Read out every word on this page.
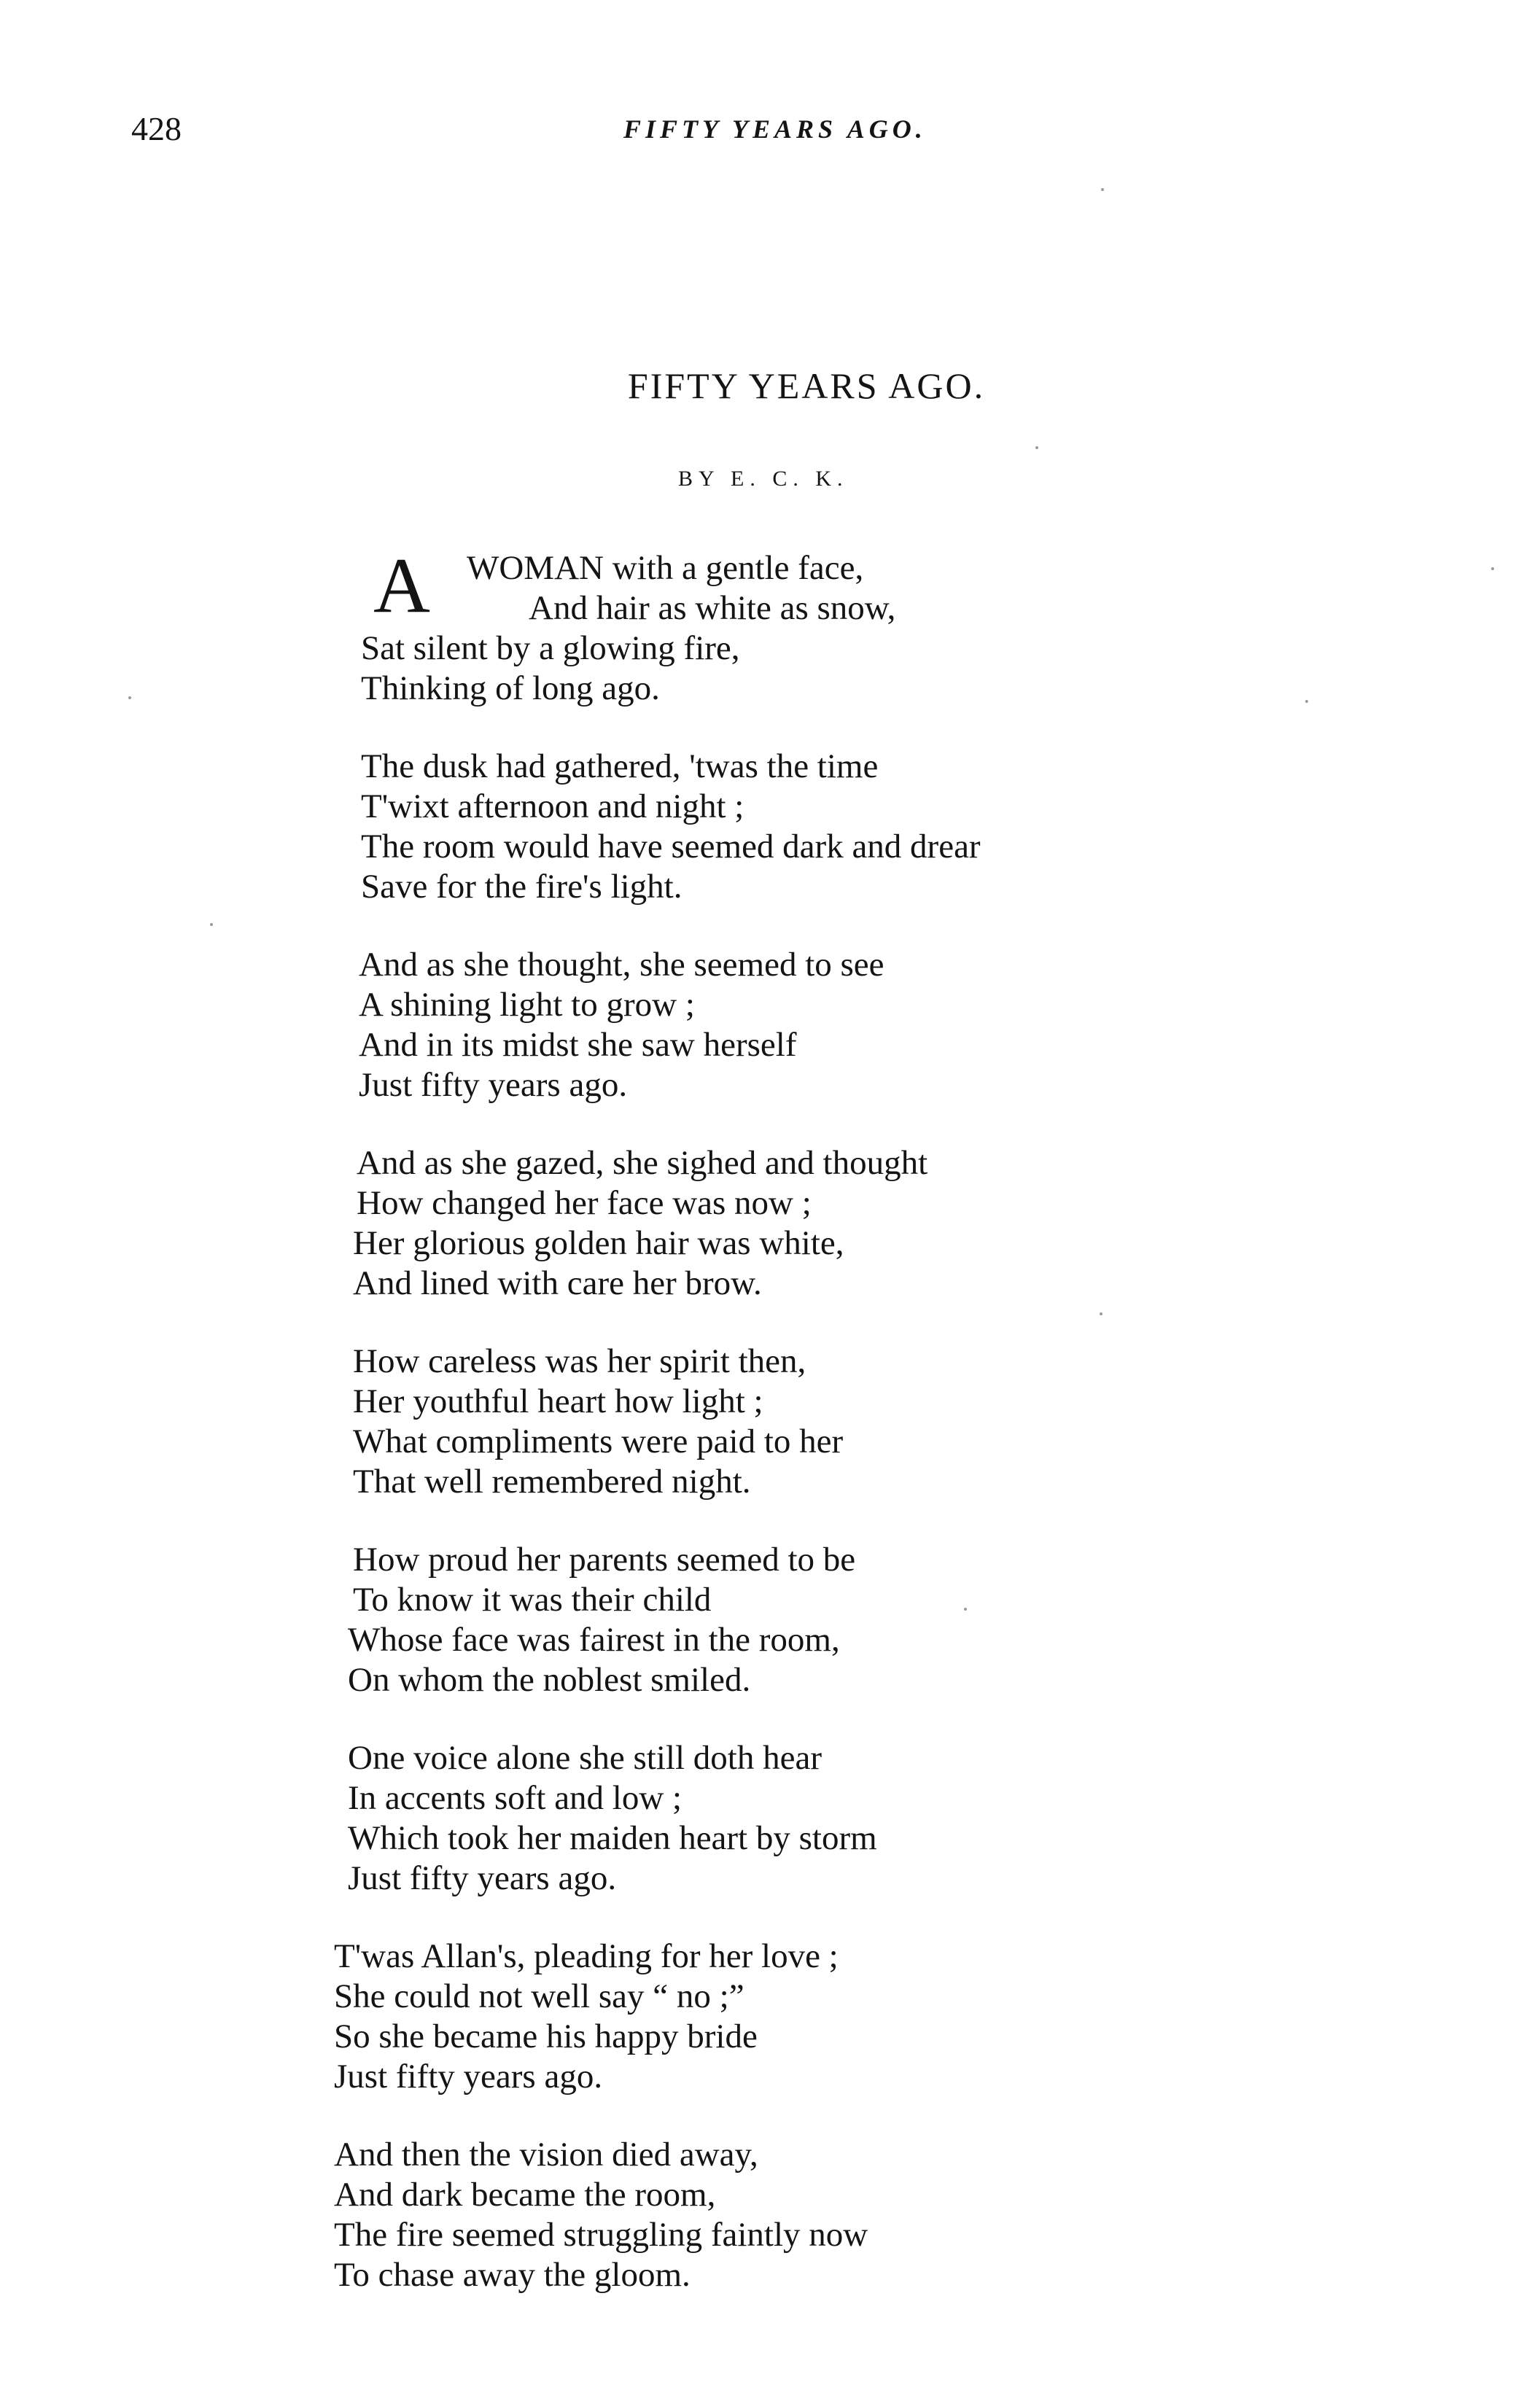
428	FIFTY YEARS AGO.
FIFTY YEARS AGO.
BY E. C. K.
A WOMAN with a gentle face,
And hair as white as snow,
Sat silent by a glowing fire,
Thinking of long ago.
The dusk had gathered, 'twas the time
T'wixt afternoon and night ;
The room would have seemed dark and drear
Save for the fire's light.
And as she thought, she seemed to see
A shining light to grow ;
And in its midst she saw herself
Just fifty years ago.
And as she gazed, she sighed and thought
How changed her face was now ;
Her glorious golden hair was white,
And lined with care her brow.
How careless was her spirit then,
Her youthful heart how light ;
What compliments were paid to her
That well remembered night.
How proud her parents seemed to be
To know it was their child
Whose face was fairest in the room,
On whom the noblest smiled.
One voice alone she still doth hear
In accents soft and low ;
Which took her maiden heart by storm
Just fifty years ago.
T'was Allan's, pleading for her love ;
She could not well say “ no ;”
So she became his happy bride
Just fifty years ago.
And then the vision died away,
And dark became the room,
The fire seemed struggling faintly now
To chase away the gloom.
